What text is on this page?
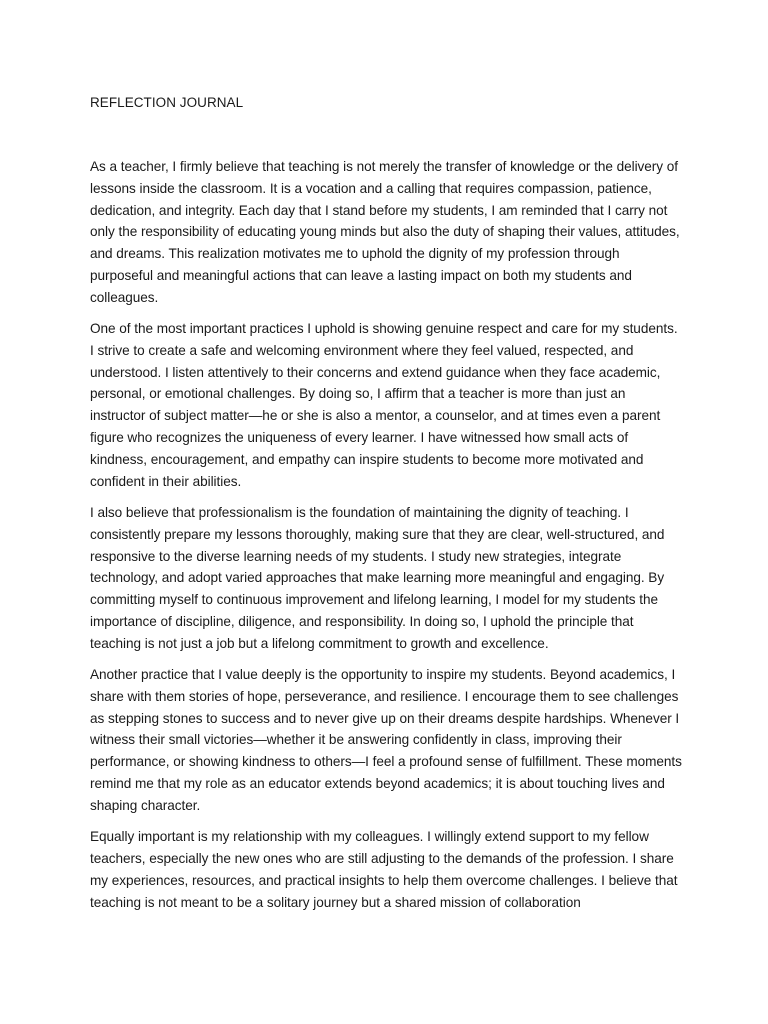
REFLECTION JOURNAL

As a teacher, I firmly believe that teaching is not merely the transfer of knowledge or the delivery of lessons inside the classroom. It is a vocation and a calling that requires compassion, patience, dedication, and integrity. Each day that I stand before my students, I am reminded that I carry not only the responsibility of educating young minds but also the duty of shaping their values, attitudes, and dreams. This realization motivates me to uphold the dignity of my profession through purposeful and meaningful actions that can leave a lasting impact on both my students and colleagues.

One of the most important practices I uphold is showing genuine respect and care for my students. I strive to create a safe and welcoming environment where they feel valued, respected, and understood. I listen attentively to their concerns and extend guidance when they face academic, personal, or emotional challenges. By doing so, I affirm that a teacher is more than just an instructor of subject matter—he or she is also a mentor, a counselor, and at times even a parent figure who recognizes the uniqueness of every learner. I have witnessed how small acts of kindness, encouragement, and empathy can inspire students to become more motivated and confident in their abilities.

I also believe that professionalism is the foundation of maintaining the dignity of teaching. I consistently prepare my lessons thoroughly, making sure that they are clear, well-structured, and responsive to the diverse learning needs of my students. I study new strategies, integrate technology, and adopt varied approaches that make learning more meaningful and engaging. By committing myself to continuous improvement and lifelong learning, I model for my students the importance of discipline, diligence, and responsibility. In doing so, I uphold the principle that teaching is not just a job but a lifelong commitment to growth and excellence.

Another practice that I value deeply is the opportunity to inspire my students. Beyond academics, I share with them stories of hope, perseverance, and resilience. I encourage them to see challenges as stepping stones to success and to never give up on their dreams despite hardships. Whenever I witness their small victories—whether it be answering confidently in class, improving their performance, or showing kindness to others—I feel a profound sense of fulfillment. These moments remind me that my role as an educator extends beyond academics; it is about touching lives and shaping character.

Equally important is my relationship with my colleagues. I willingly extend support to my fellow teachers, especially the new ones who are still adjusting to the demands of the profession. I share my experiences, resources, and practical insights to help them overcome challenges. I believe that teaching is not meant to be a solitary journey but a shared mission of collaboration
